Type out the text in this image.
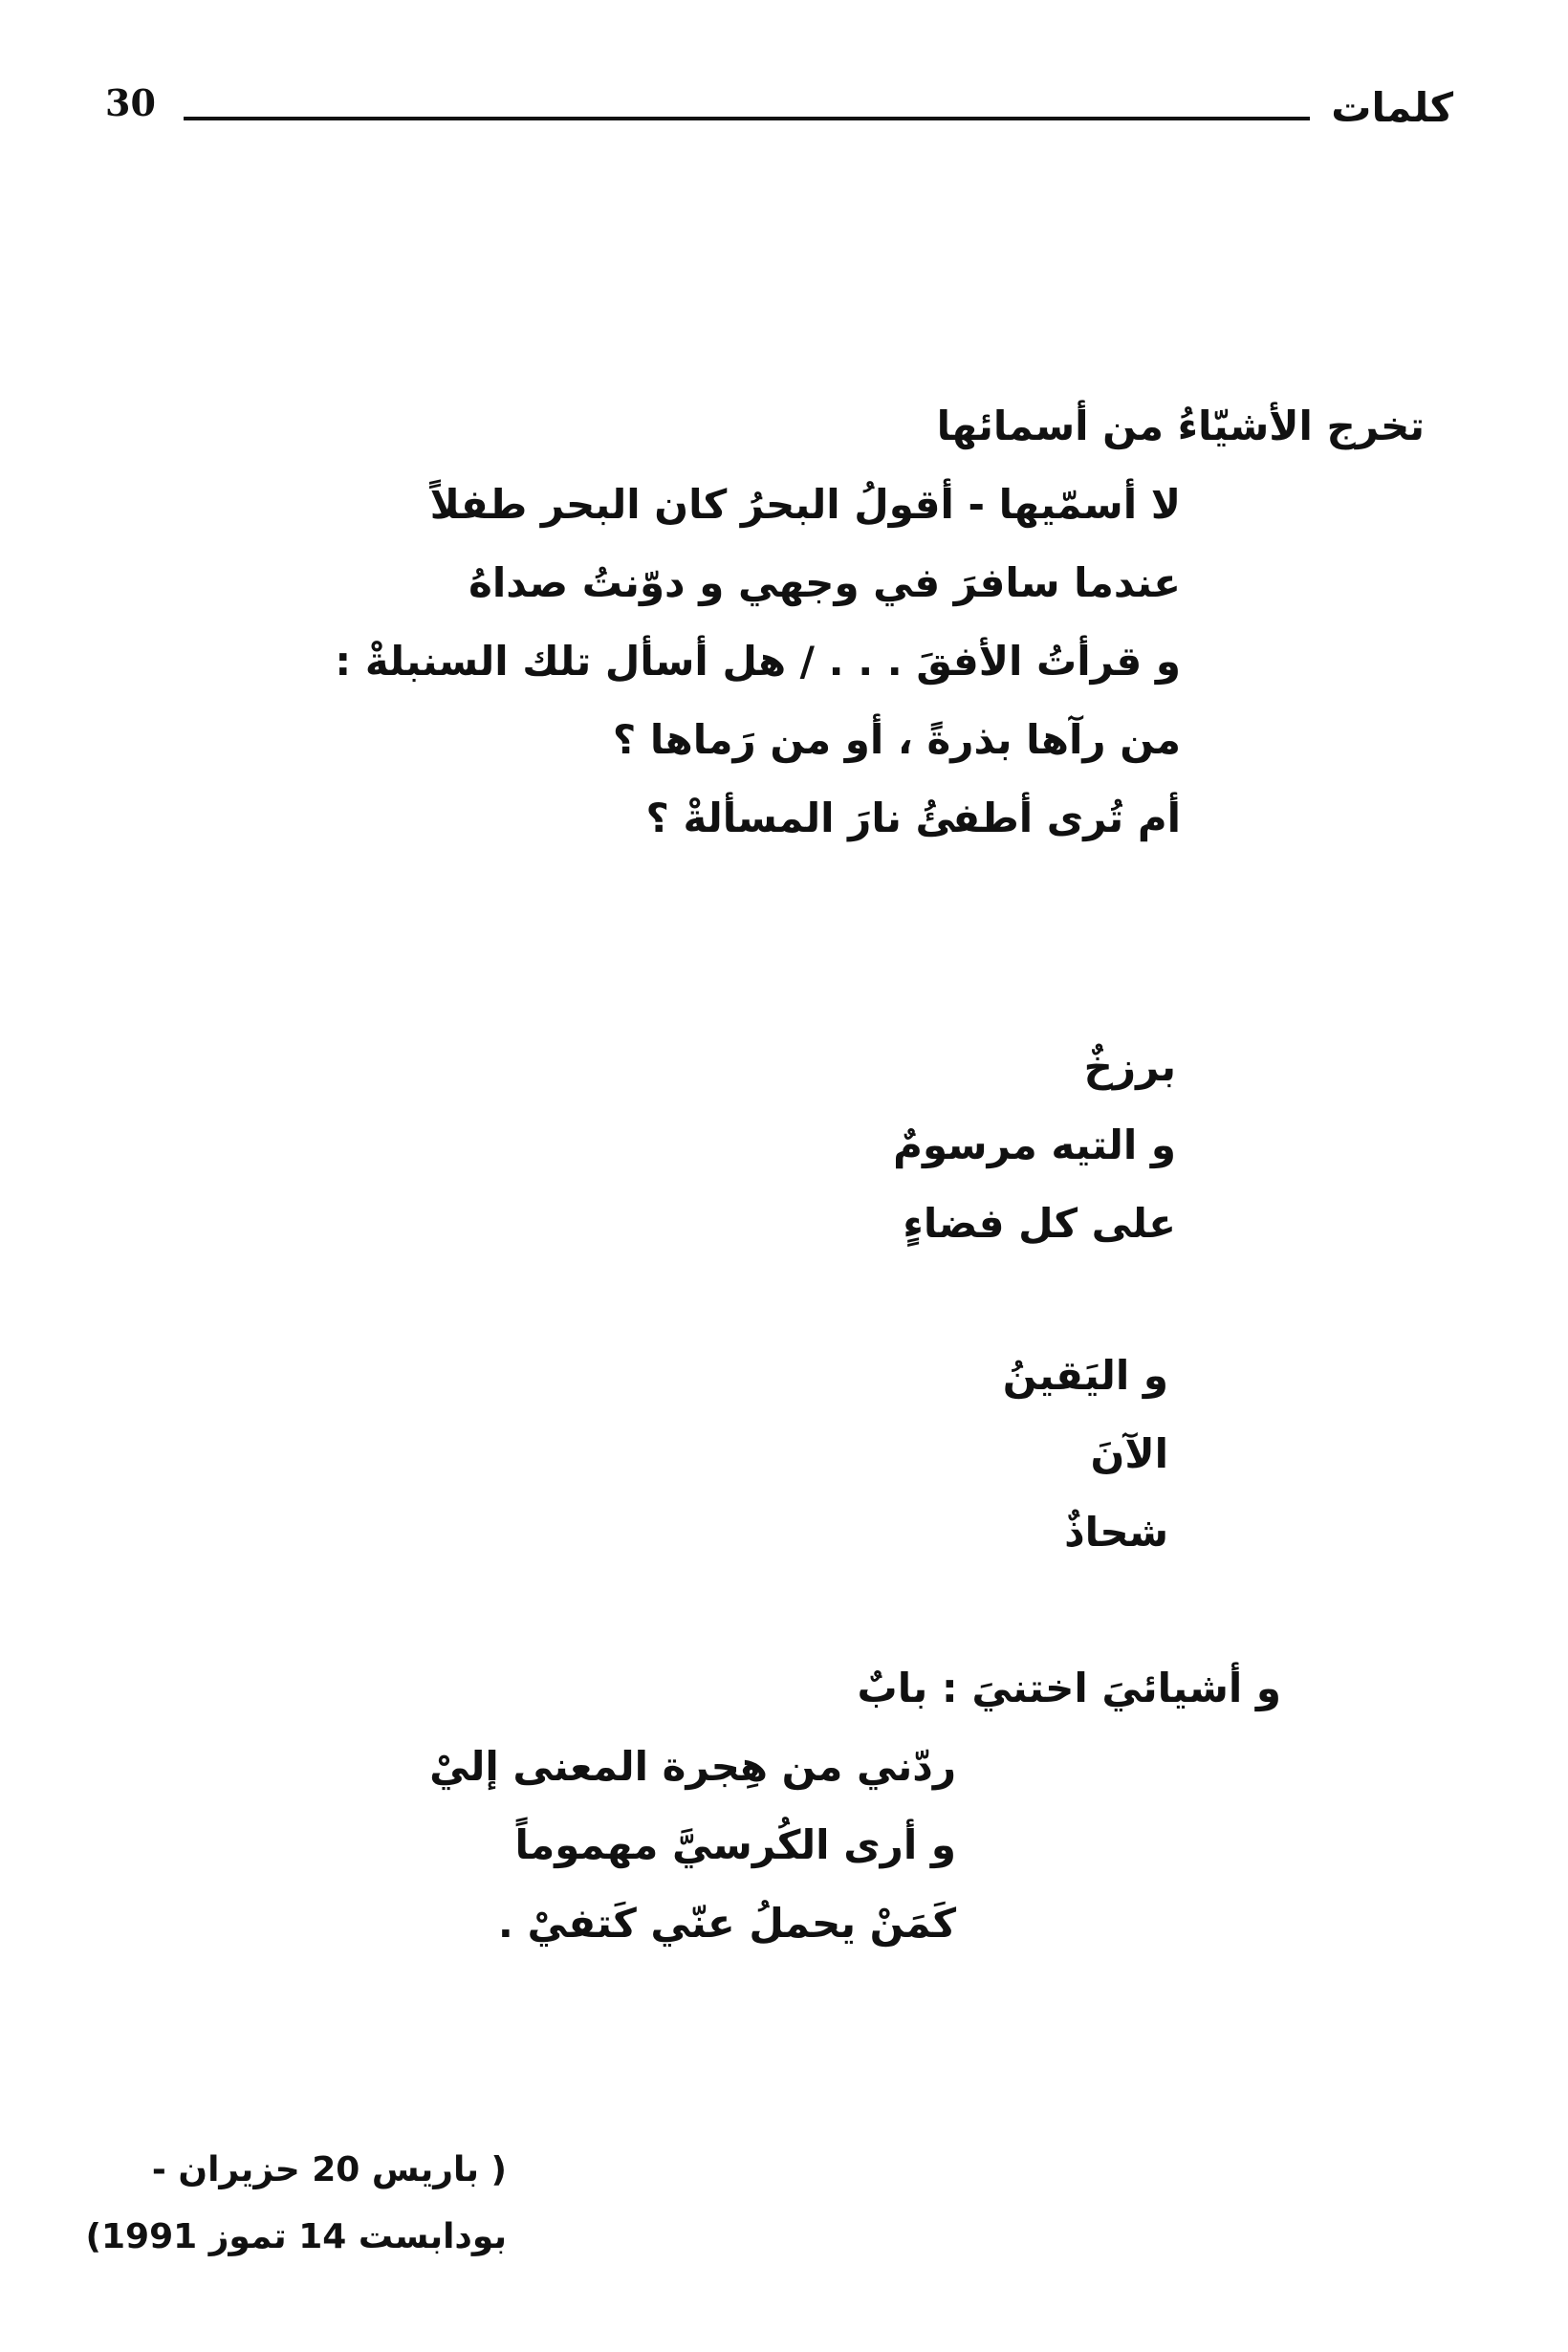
30	كلمات
تخرج الأشيّاءُ من أسمائها
لا أسمّيها - أقولُ البحرُ كان البحر طفلاً
عندما سافرَ في وجهي و دوّنتُ صداهُ
و قرأتُ الأفقَ . . . / هل أسأل تلك السنبلةْ :
من رآها بذرةً ، أو من رَماها ؟
أم تُرى أطفئُ نارَ المسألةْ ؟
برزخٌ
و التيه مرسومٌ
على كل فضاءٍ
و اليَقينُ
الآنَ
شحاذٌ
و أشيائيَ اختنيَ : بابٌ
ردّني من هِجرة المعنى إليْ
و أرى الكُرسيَّ مهموماً
كَمَنْ يحملُ عنّي كَتفيْ .
( باريس 20 حزيران -
بودابست 14 تموز 1991)
